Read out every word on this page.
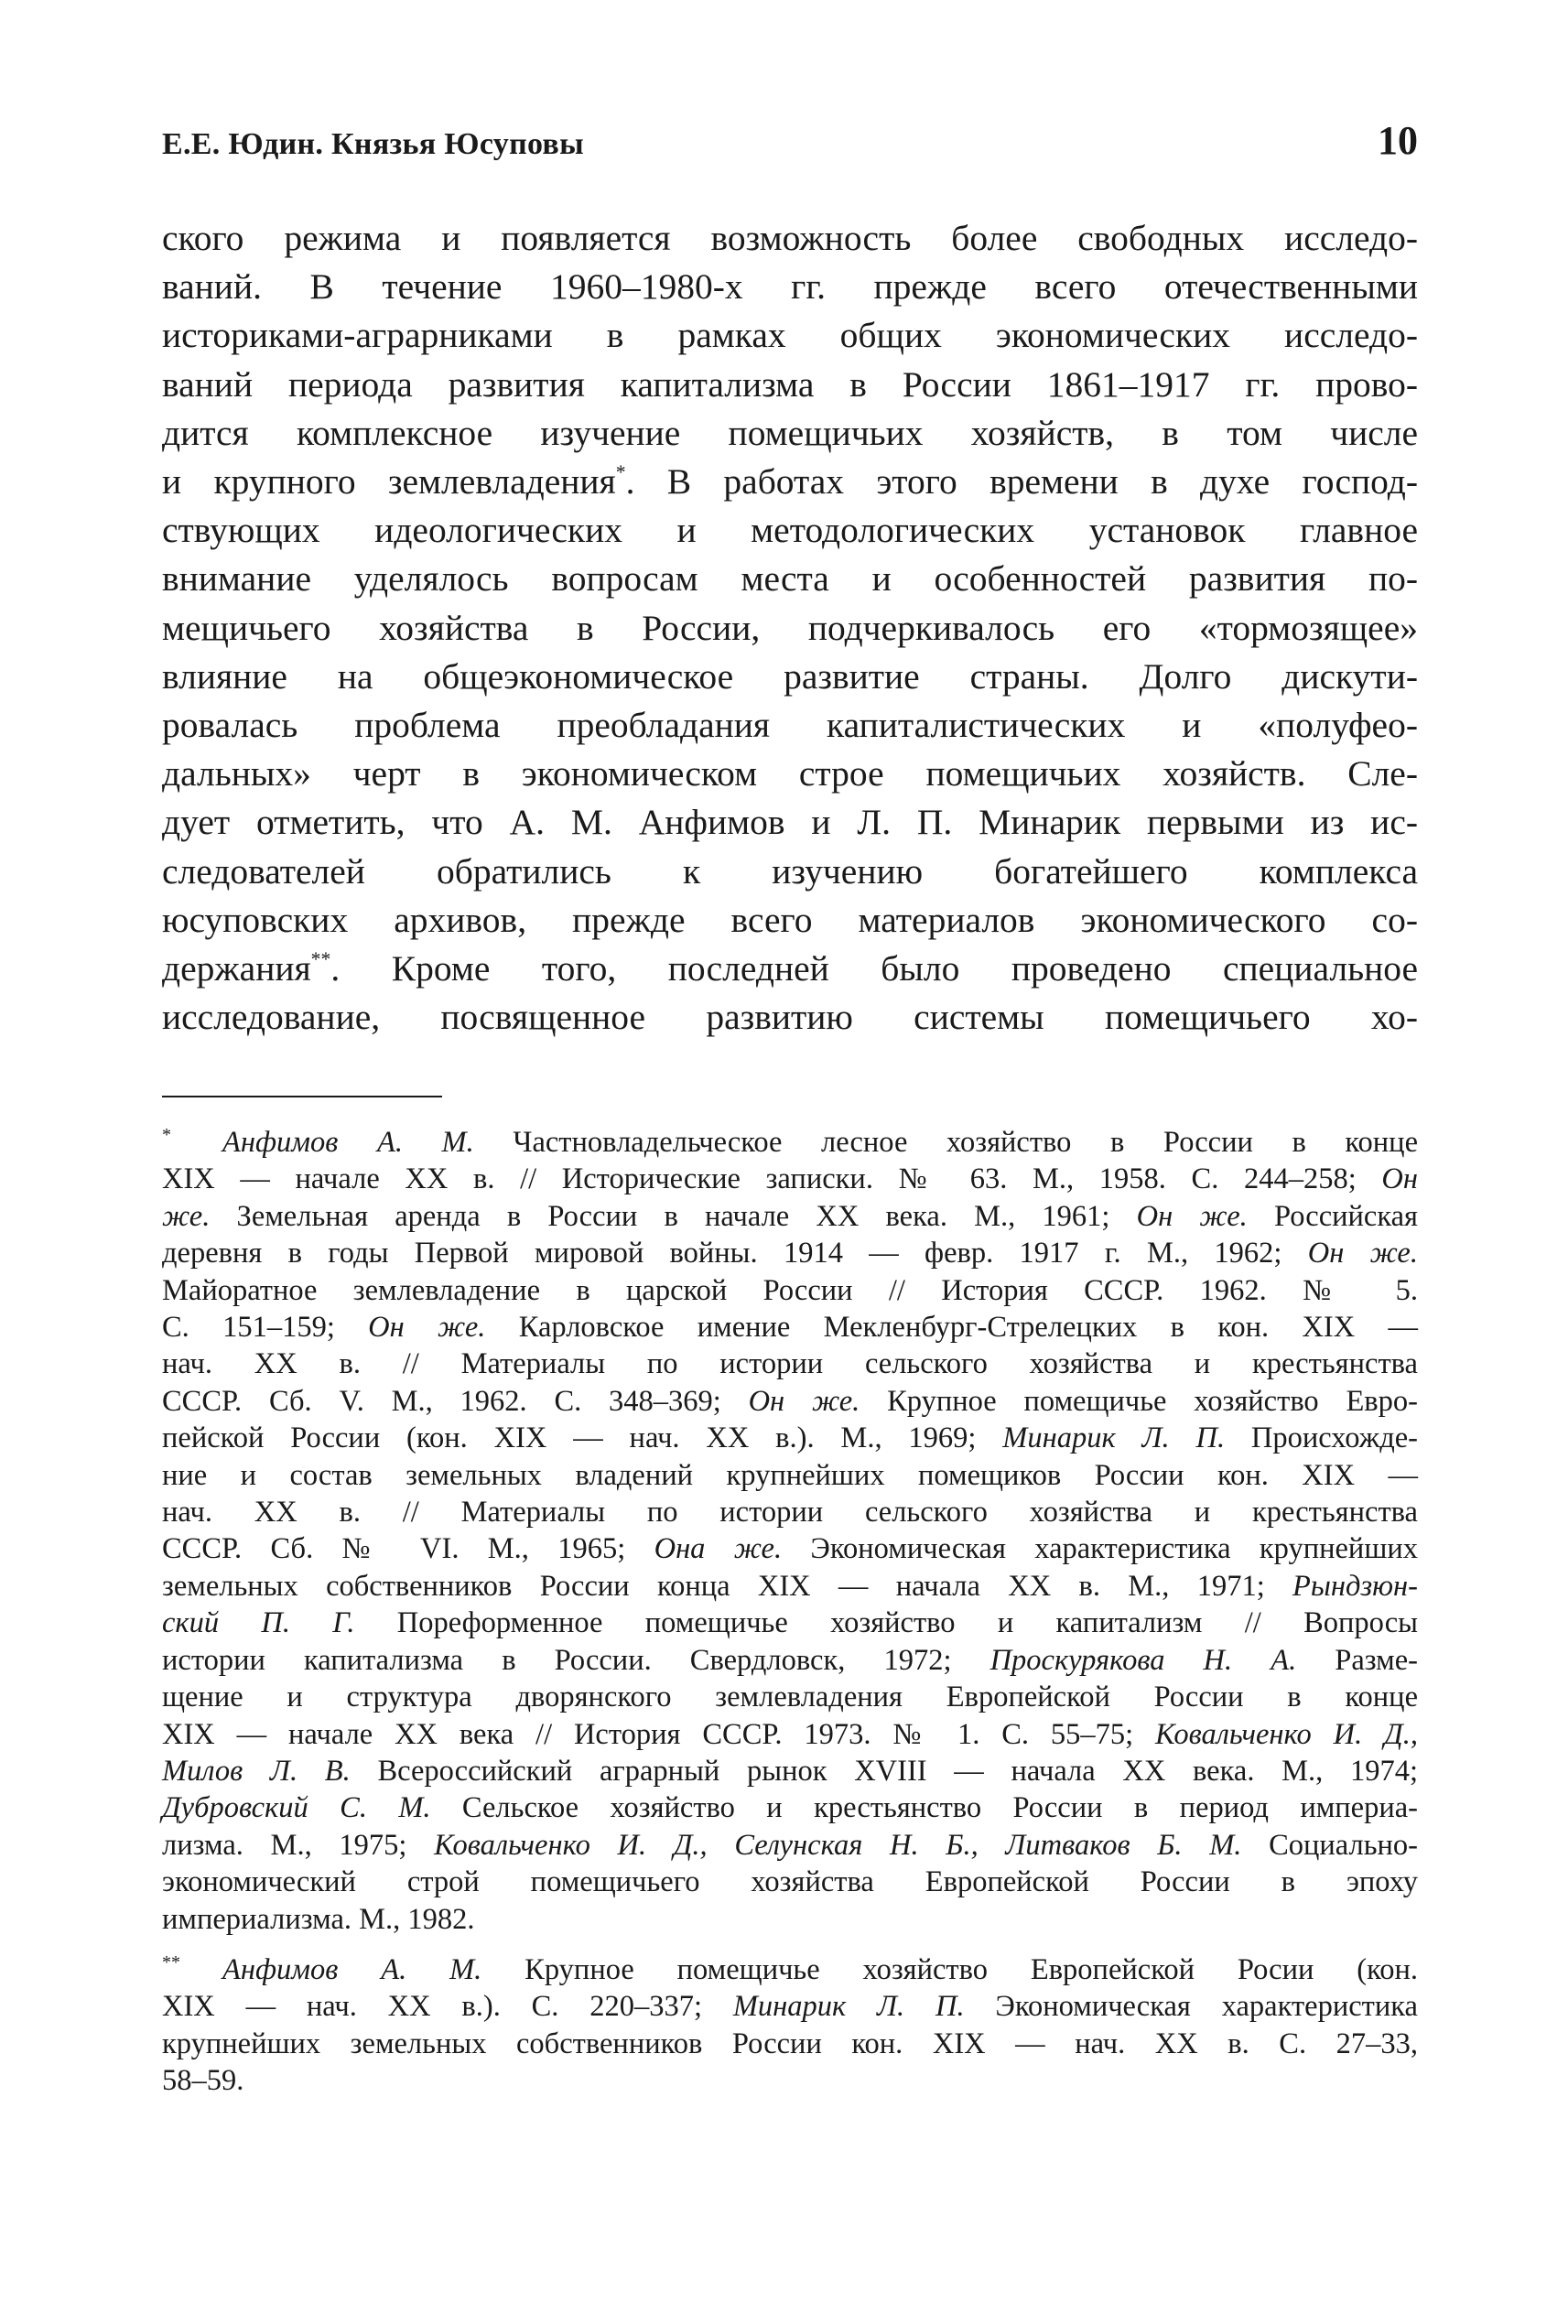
Е.Е. Юдин. Князья Юсуповы	10
ского режима и появляется возможность более свободных исследо-
ваний. В течение 1960–1980-х гг. прежде всего отечественными
историками-аграрниками в рамках общих экономических исследо-
ваний периода развития капитализма в России 1861–1917 гг. прово-
дится комплексное изучение помещичьих хозяйств, в том числе
и крупного землевладения*. В работах этого времени в духе господ-
ствующих идеологических и методологических установок главное
внимание уделялось вопросам места и особенностей развития по-
мещичьего хозяйства в России, подчеркивалось его «тормозящее»
влияние на общеэкономическое развитие страны. Долго дискути-
ровалась проблема преобладания капиталистических и «полуфео-
дальных» черт в экономическом строе помещичьих хозяйств. Сле-
дует отметить, что А. М. Анфимов и Л. П. Минарик первыми из ис-
следователей обратились к изучению богатейшего комплекса
юсуповских архивов, прежде всего материалов экономического со-
держания**. Кроме того, последней было проведено специальное
исследование, посвященное развитию системы помещичьего хо-
* Анфимов А. М. Частновладельческое лесное хозяйство в России в конце
XIX — начале XX в. // Исторические записки. № 63. М., 1958. С. 244–258; Он
же. Земельная аренда в России в начале XX века. М., 1961; Он же. Российская
деревня в годы Первой мировой войны. 1914 — февр. 1917 г. М., 1962; Он же.
Майоратное землевладение в царской России // История СССР. 1962. № 5.
С. 151–159; Он же. Карловское имение Мекленбург-Стрелецких в кон. XIX —
нач. XX в. // Материалы по истории сельского хозяйства и крестьянства
СССР. Сб. V. М., 1962. С. 348–369; Он же. Крупное помещичье хозяйство Евро-
пейской России (кон. XIX — нач. XX в.). М., 1969; Минарик Л. П. Происхожде-
ние и состав земельных владений крупнейших помещиков России кон. XIX —
нач. XX в. // Материалы по истории сельского хозяйства и крестьянства
СССР. Сб. № VI. М., 1965; Она же. Экономическая характеристика крупнейших
земельных собственников России конца XIX — начала XX в. М., 1971; Рындзюн-
ский П. Г. Пореформенное помещичье хозяйство и капитализм // Вопросы
истории капитализма в России. Свердловск, 1972; Проскурякова Н. А. Разме-
щение и структура дворянского землевладения Европейской России в конце
XIX — начале XX века // История СССР. 1973. № 1. С. 55–75; Ковальченко И. Д.,
Милов Л. В. Всероссийский аграрный рынок XVIII — начала XX века. М., 1974;
Дубровский С. М. Сельское хозяйство и крестьянство России в период империа-
лизма. М., 1975; Ковальченко И. Д., Селунская Н. Б., Литваков Б. М. Социально-
экономический строй помещичьего хозяйства Европейской России в эпоху
империализма. М., 1982.
** Анфимов А. М. Крупное помещичье хозяйство Европейской Росии (кон.
XIX — нач. XX в.). С. 220–337; Минарик Л. П. Экономическая характеристика
крупнейших земельных собственников России кон. XIX — нач. XX в. С. 27–33,
58–59.
